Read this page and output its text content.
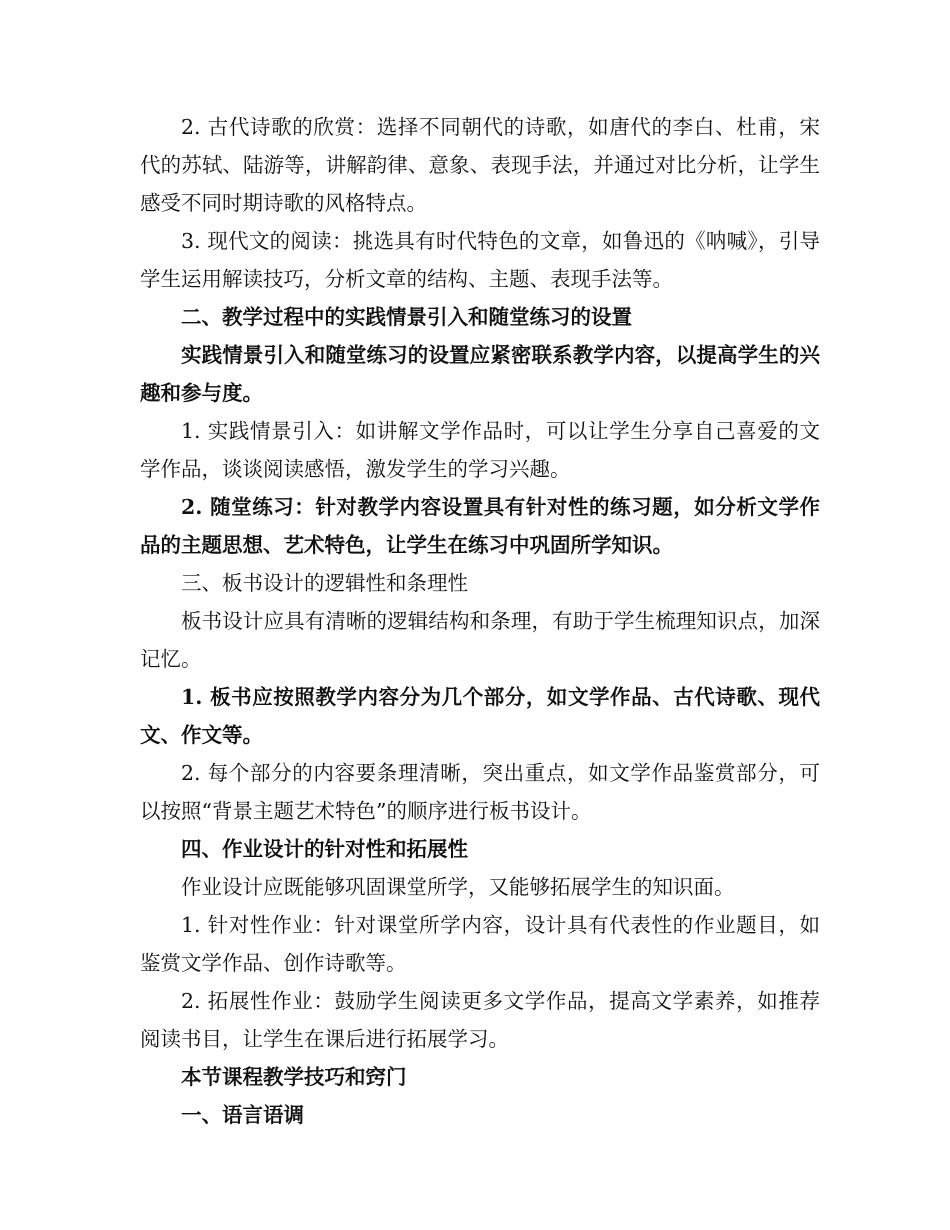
2. 古代诗歌的欣赏：选择不同朝代的诗歌，如唐代的李白、杜甫，宋代的苏轼、陆游等，讲解韵律、意象、表现手法，并通过对比分析，让学生感受不同时期诗歌的风格特点。

3. 现代文的阅读：挑选具有时代特色的文章，如鲁迅的《呐喊》，引导学生运用解读技巧，分析文章的结构、主题、表现手法等。

二、教学过程中的实践情景引入和随堂练习的设置

实践情景引入和随堂练习的设置应紧密联系教学内容，以提高学生的兴趣和参与度。

1. 实践情景引入：如讲解文学作品时，可以让学生分享自己喜爱的文学作品，谈谈阅读感悟，激发学生的学习兴趣。

2. 随堂练习：针对教学内容设置具有针对性的练习题，如分析文学作品的主题思想、艺术特色，让学生在练习中巩固所学知识。

三、板书设计的逻辑性和条理性

板书设计应具有清晰的逻辑结构和条理，有助于学生梳理知识点，加深记忆。

1. 板书应按照教学内容分为几个部分，如文学作品、古代诗歌、现代文、作文等。

2. 每个部分的内容要条理清晰，突出重点，如文学作品鉴赏部分，可以按照“背景主题艺术特色”的顺序进行板书设计。

四、作业设计的针对性和拓展性

作业设计应既能够巩固课堂所学，又能够拓展学生的知识面。

1. 针对性作业：针对课堂所学内容，设计具有代表性的作业题目，如鉴赏文学作品、创作诗歌等。

2. 拓展性作业：鼓励学生阅读更多文学作品，提高文学素养，如推荐阅读书目，让学生在课后进行拓展学习。

本节课程教学技巧和窍门

一、语言语调
